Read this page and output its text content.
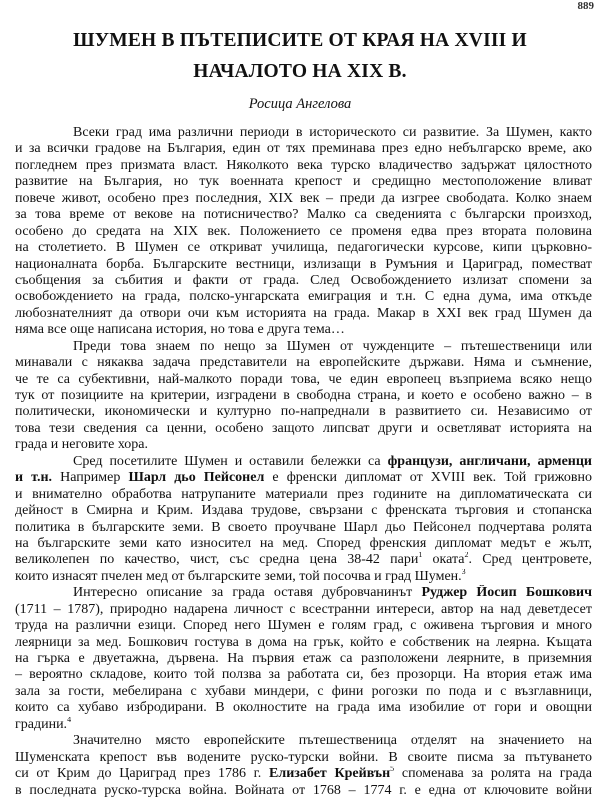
889
ШУМЕН В ПЪТЕПИСИТЕ ОТ КРАЯ НА XVIII И
НАЧАЛОТО НА XIX В.
Росица Ангелова
Всеки град има различни периоди в историческото си развитие. За Шумен, както
и за всички градове на България, един от тях преминава през едно небългарско време, ако
погледнем през призмата власт. Няколкото века турско владичество задържат цялостното
развитие на България, но тук военната крепост и средищно местоположение вливат
повече живот, особено през последния, XIX век – преди да изгрее свободата. Колко знаем
за това време от векове на потисничество? Малко са сведенията с български произход,
особено до средата на XIX век. Положението се променя едва през втората половина
на столетието. В Шумен се откриват училища, педагогически курсове, кипи църковно-
националната борба. Българските вестници, излизащи в Румъния и Цариград, поместват
съобщения за събития и факти от града. След Освобождението излизат спомени за
освобождението на града, полско-унгарската емиграция и т.н. С една дума, има откъде
любознателният да отвори очи към историята на града. Макар в XXI век град Шумен да
няма все още написана история, но това е друга тема…
Преди това знаем по нещо за Шумен от чужденците – пътешественици или
минавали с някаква задача представители на европейските държави. Няма и съмнение,
че те са субективни, най-малкото поради това, че един европеец възприема всяко нещо
тук от позициите на критерии, изградени в свободна страна, и което е особено важно – в
политически, икономически и културно по-напреднали в развитието си. Независимо от
това тези сведения са ценни, особено защото липсват други и осветляват историята на
града и неговите хора.
Сред посетилите Шумен и оставили бележки са французи, англичани, арменци
и т.н. Например Шарл дьо Пейсонел е френски дипломат от XVIII век. Той грижовно
и внимателно обработва натрупаните материали през годините на дипломатическата си
дейност в Смирна и Крим. Издава трудове, свързани с френската търговия и стопанска
политика в българските земи. В своето проучване Шарл дьо Пейсонел подчертава ролята
на българските земи като износител на мед. Според френския дипломат медът е жълт,
великолепен по качество, чист, със средна цена 38-42 пари$^1$ оката$^2$. Сред центровете,
които изнасят пчелен мед от българските земи, той посочва и град Шумен.$^3$
Интересно описание за града оставя дубровчанинът Руджер Йосип Бошкович
(1711 – 1787), природно надарена личност с всестранни интереси, автор на над деветдесет
труда на различни езици. Според него Шумен е голям град, с оживена търговия и много
леярници за мед. Бошкович гостува в дома на грък, който е собственик на леярна. Къщата
на гърка е двуетажна, дървена. На първия етаж са разположени леярните, в приземния
– вероятно складове, които той ползва за работата си, без прозорци. На втория етаж има
зала за гости, мебелирана с хубави миндери, с фини рогозки по пода и с възглавници,
които са хубаво избродирани. В околностите на града има изобилие от гори и овощни
градини.$^4$
Значително място европейските пътешественица отделят на значението на
Шуменската крепост във водените руско-турски войни. В своите писма за пътуването
си от Крим до Цариград през 1786 г. Елизабет Крейвън$^5$ споменава за ролята на града
в последната руско-турска война. Войната от 1768 – 1774 г. е една от ключовите войни
